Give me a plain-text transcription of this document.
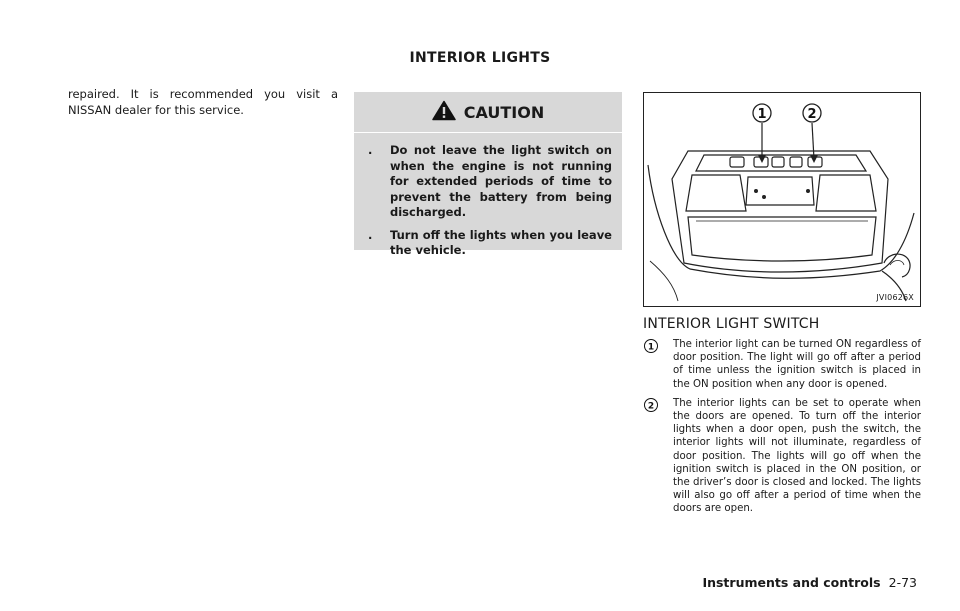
INTERIOR LIGHTS
repaired. It is recommended you visit a NISSAN dealer for this service.	CAUTION
.	Do not leave the light switch on when the engine is not running for extended periods of time to prevent the battery from being discharged.
.	Turn off the lights when you leave the vehicle.
1	2
JVI0626X
INTERIOR LIGHT SWITCH
1 The interior light can be turned ON regardless of door position. The light will go off after a period of time unless the ignition switch is placed in the ON position when any door is opened.
2 The interior lights can be set to operate when the doors are opened. To turn off the interior lights when a door open, push the switch, the interior lights will not illuminate, regardless of door position. The lights will go off when the ignition switch is placed in the ON position, or the driver’s door is closed and locked. The lights will also go off after a period of time when the doors are open.
Instruments and controls 2-73
